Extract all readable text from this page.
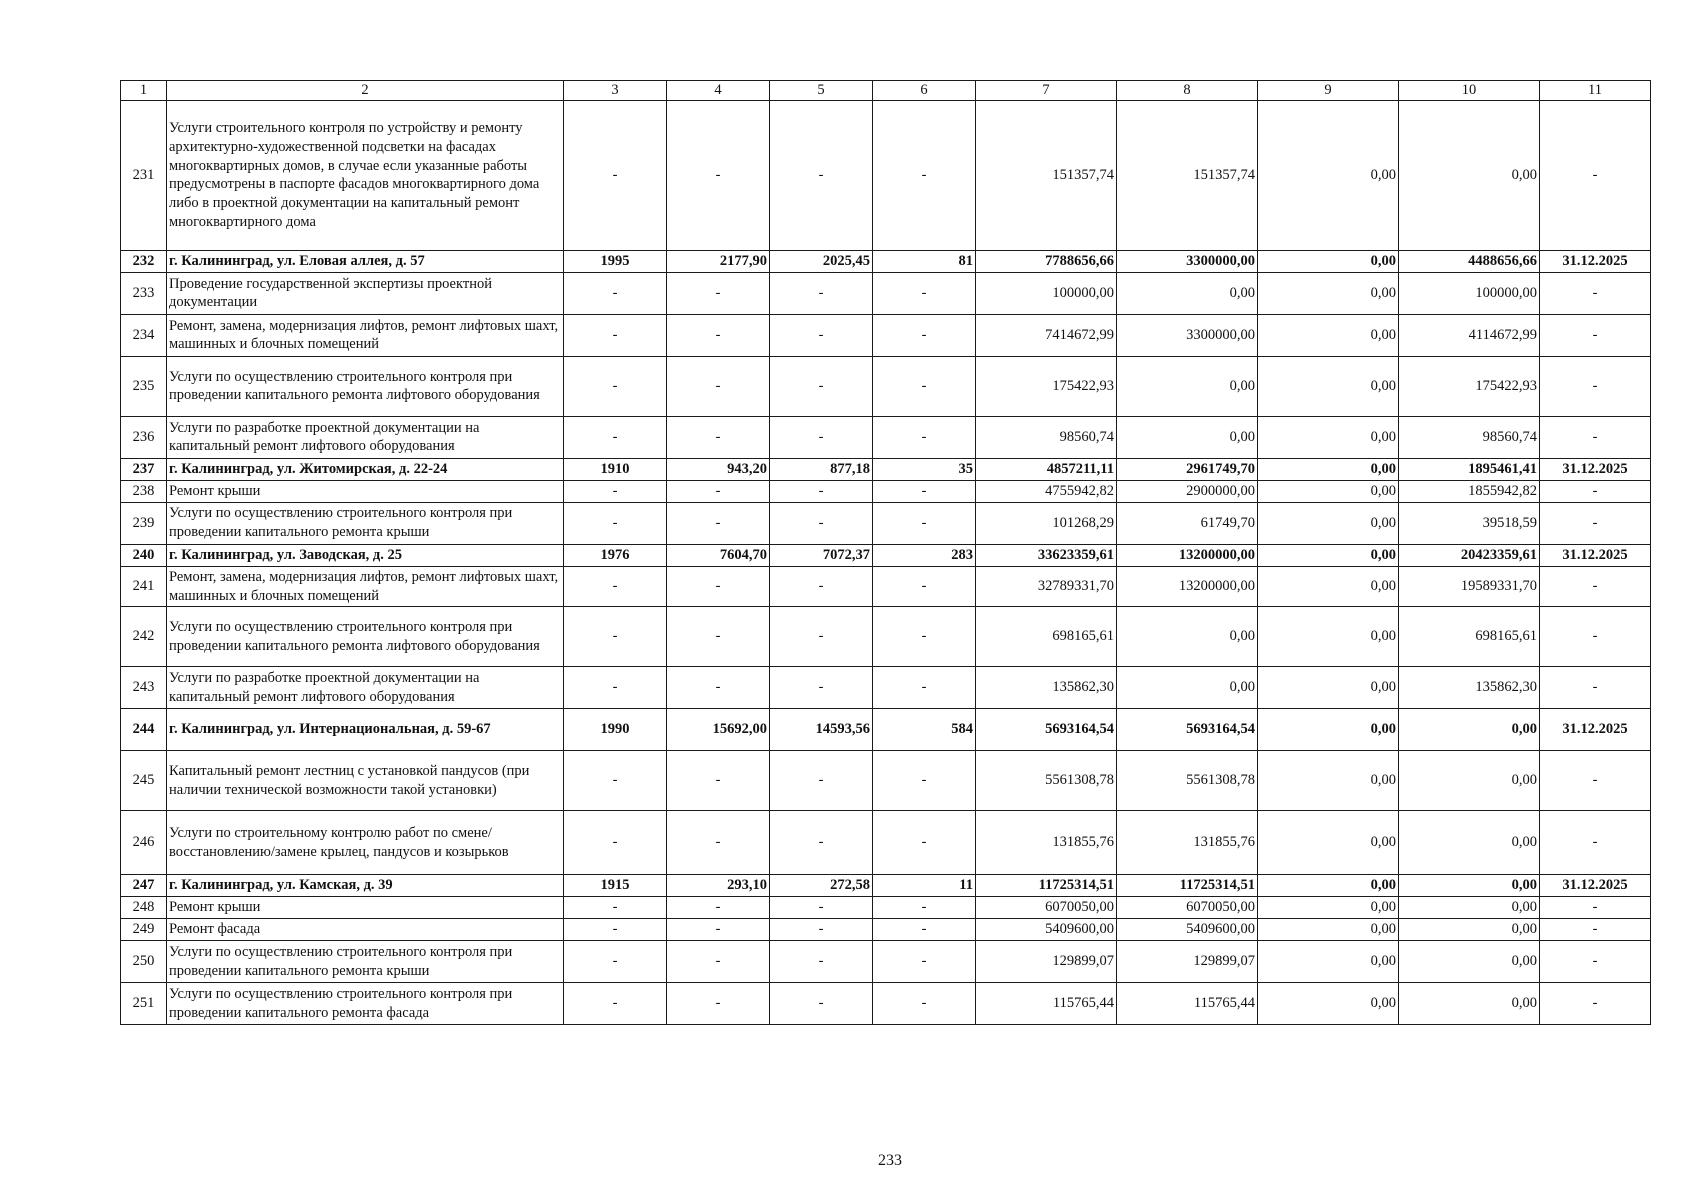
1	2	3	4	5	6	7	8	9	10	11
231	Услуги строительного контроля по устройству и ремонту архитектурно-художественной подсветки на фасадах многоквартирных домов, в случае если указанные работы предусмотрены в паспорте фасадов многоквартирного дома либо в проектной документации на капитальный ремонт многоквартирного дома	-	-	-	-	151357,74	151357,74	0,00	0,00	-
232	г. Калининград, ул. Еловая аллея, д. 57	1995	2177,90	2025,45	81	7788656,66	3300000,00	0,00	4488656,66	31.12.2025
233	Проведение государственной экспертизы проектной документации	-	-	-	-	100000,00	0,00	0,00	100000,00	-
234	Ремонт, замена, модернизация лифтов, ремонт лифтовых шахт, машинных и блочных помещений	-	-	-	-	7414672,99	3300000,00	0,00	4114672,99	-
235	Услуги по осуществлению строительного контроля при проведении капитального ремонта лифтового оборудования	-	-	-	-	175422,93	0,00	0,00	175422,93	-
236	Услуги по разработке проектной документации на капитальный ремонт лифтового оборудования	-	-	-	-	98560,74	0,00	0,00	98560,74	-
237	г. Калининград, ул. Житомирская, д. 22-24	1910	943,20	877,18	35	4857211,11	2961749,70	0,00	1895461,41	31.12.2025
238	Ремонт крыши	-	-	-	-	4755942,82	2900000,00	0,00	1855942,82	-
239	Услуги по осуществлению строительного контроля при проведении капитального ремонта крыши	-	-	-	-	101268,29	61749,70	0,00	39518,59	-
240	г. Калининград, ул. Заводская, д. 25	1976	7604,70	7072,37	283	33623359,61	13200000,00	0,00	20423359,61	31.12.2025
241	Ремонт, замена, модернизация лифтов, ремонт лифтовых шахт, машинных и блочных помещений	-	-	-	-	32789331,70	13200000,00	0,00	19589331,70	-
242	Услуги по осуществлению строительного контроля при проведении капитального ремонта лифтового оборудования	-	-	-	-	698165,61	0,00	0,00	698165,61	-
243	Услуги по разработке проектной документации на капитальный ремонт лифтового оборудования	-	-	-	-	135862,30	0,00	0,00	135862,30	-
244	г. Калининград, ул. Интернациональная, д. 59-67	1990	15692,00	14593,56	584	5693164,54	5693164,54	0,00	0,00	31.12.2025
245	Капитальный ремонт лестниц с установкой пандусов (при наличии технической возможности такой установки)	-	-	-	-	5561308,78	5561308,78	0,00	0,00	-
246	Услуги по строительному контролю работ по смене/восстановлению/замене крылец, пандусов и козырьков	-	-	-	-	131855,76	131855,76	0,00	0,00	-
247	г. Калининград, ул. Камская, д. 39	1915	293,10	272,58	11	11725314,51	11725314,51	0,00	0,00	31.12.2025
248	Ремонт крыши	-	-	-	-	6070050,00	6070050,00	0,00	0,00	-
249	Ремонт фасада	-	-	-	-	5409600,00	5409600,00	0,00	0,00	-
250	Услуги по осуществлению строительного контроля при проведении капитального ремонта крыши	-	-	-	-	129899,07	129899,07	0,00	0,00	-
251	Услуги по осуществлению строительного контроля при проведении капитального ремонта фасада	-	-	-	-	115765,44	115765,44	0,00	0,00	-
233
